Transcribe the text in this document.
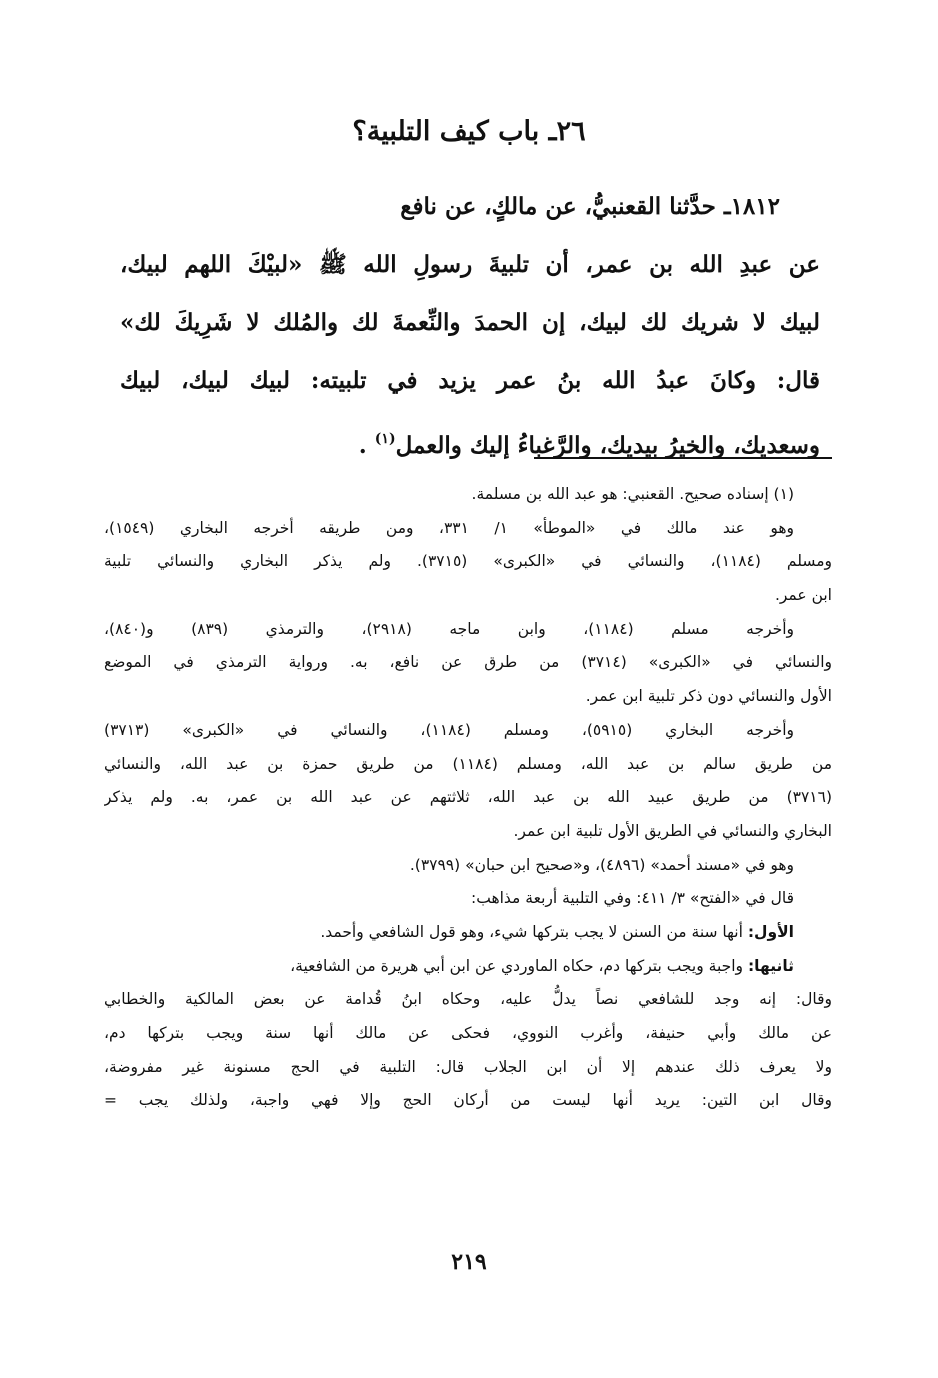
٢٦ـ باب كيف التلبية؟
١٨١٢ـ حدَّثنا القعنبيُّ، عن مالكٍ، عن نافع
عن عبدِ الله بن عمر، أن تلبيةَ رسولِ الله ﷺ «لبيْكَ اللهم لبيك،
لبيك لا شريك لك لبيك، إن الحمدَ والنِّعمةَ لك والمُلك لا شَرِيكَ لك»
قال: وكانَ عبدُ الله بنُ عمر يزيد في تلبيته: لبيك لبيك، لبيك
وسعديك، والخيرُ بيديك، والرَّغباءُ إليك والعمل$^{(١)}$ .
(١) إسناده صحيح. القعنبي: هو عبد الله بن مسلمة.
وهو عند مالك في «الموطأ» ١/ ٣٣١، ومن طريقه أخرجه البخاري (١٥٤٩)،
ومسلم (١١٨٤)، والنسائي في «الكبرى» (٣٧١٥). ولم يذكر البخاري والنسائي تلبية
ابن عمر.
وأخرجه مسلم (١١٨٤)، وابن ماجه (٢٩١٨)، والترمذي (٨٣٩) و(٨٤٠)،
والنسائي في «الكبرى» (٣٧١٤) من طرق عن نافع، به. ورواية الترمذي في الموضع
الأول والنسائي دون ذكر تلبية ابن عمر.
وأخرجه البخاري (٥٩١٥)، ومسلم (١١٨٤)، والنسائي في «الكبرى» (٣٧١٣)
من طريق سالم بن عبد الله، ومسلم (١١٨٤) من طريق حمزة بن عبد الله، والنسائي
(٣٧١٦) من طريق عبيد الله بن عبد الله، ثلاثتهم عن عبد الله بن عمر، به. ولم يذكر
البخاري والنسائي في الطريق الأول تلبية ابن عمر.
وهو في «مسند أحمد» (٤٨٩٦)، و«صحيح ابن حبان» (٣٧٩٩).
قال في «الفتح» ٣/ ٤١١: وفي التلبية أربعة مذاهب:
الأول: أنها سنة من السنن لا يجب بتركها شيء، وهو قول الشافعي وأحمد.
ثانيها: واجبة ويجب بتركها دم، حكاه الماوردي عن ابن أبي هريرة من الشافعية،
وقال: إنه وجد للشافعي نصاً يدلُّ عليه، وحكاه ابنُ قُدامة عن بعض المالكية والخطابي
عن مالك وأبي حنيفة، وأغرب النووي، فحكى عن مالك أنها سنة ويجب بتركها دم،
ولا يعرف ذلك عندهم إلا أن ابن الجلاب قال: التلبية في الحج مسنونة غير مفروضة،
وقال ابن التين: يريد أنها ليست من أركان الحج وإلا فهي واجبة، ولذلك يجب =
٢١٩
